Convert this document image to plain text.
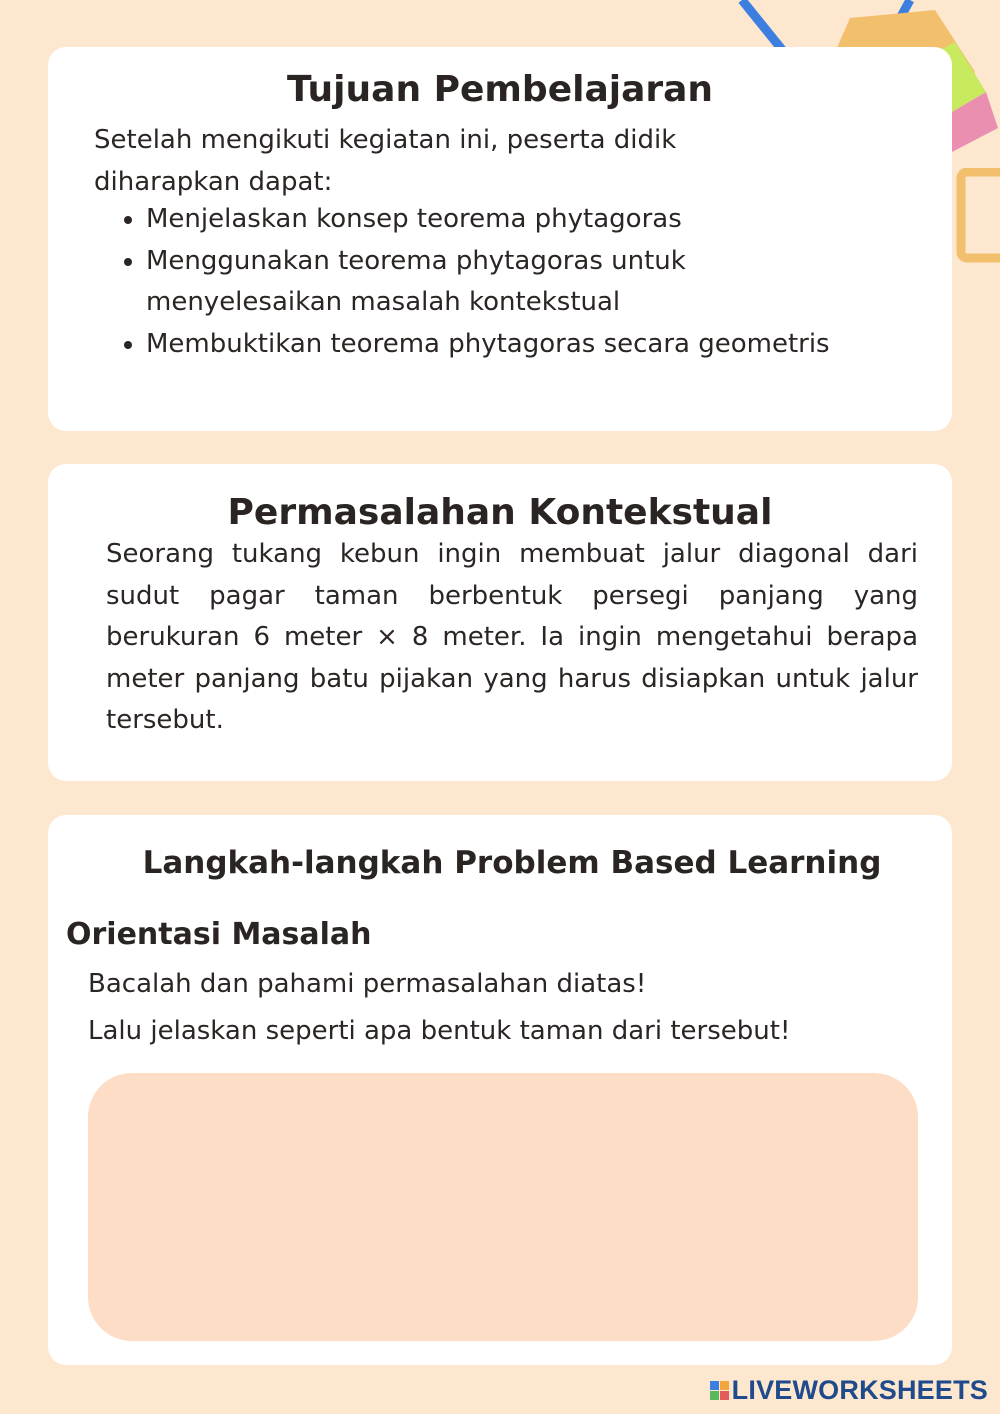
Tujuan Pembelajaran
Setelah mengikuti kegiatan ini, peserta didik diharapkan dapat:
• Menjelaskan konsep teorema phytagoras
• Menggunakan teorema phytagoras untuk menyelesaikan masalah kontekstual
• Membuktikan teorema phytagoras secara geometris
Permasalahan Kontekstual
Seorang tukang kebun ingin membuat jalur diagonal dari sudut pagar taman berbentuk persegi panjang yang berukuran 6 meter × 8 meter. Ia ingin mengetahui berapa meter panjang batu pijakan yang harus disiapkan untuk jalur tersebut.
Langkah-langkah Problem Based Learning
Orientasi Masalah
Bacalah dan pahami permasalahan diatas!
Lalu jelaskan seperti apa bentuk taman dari tersebut!
LIVEWORKSHEETS
